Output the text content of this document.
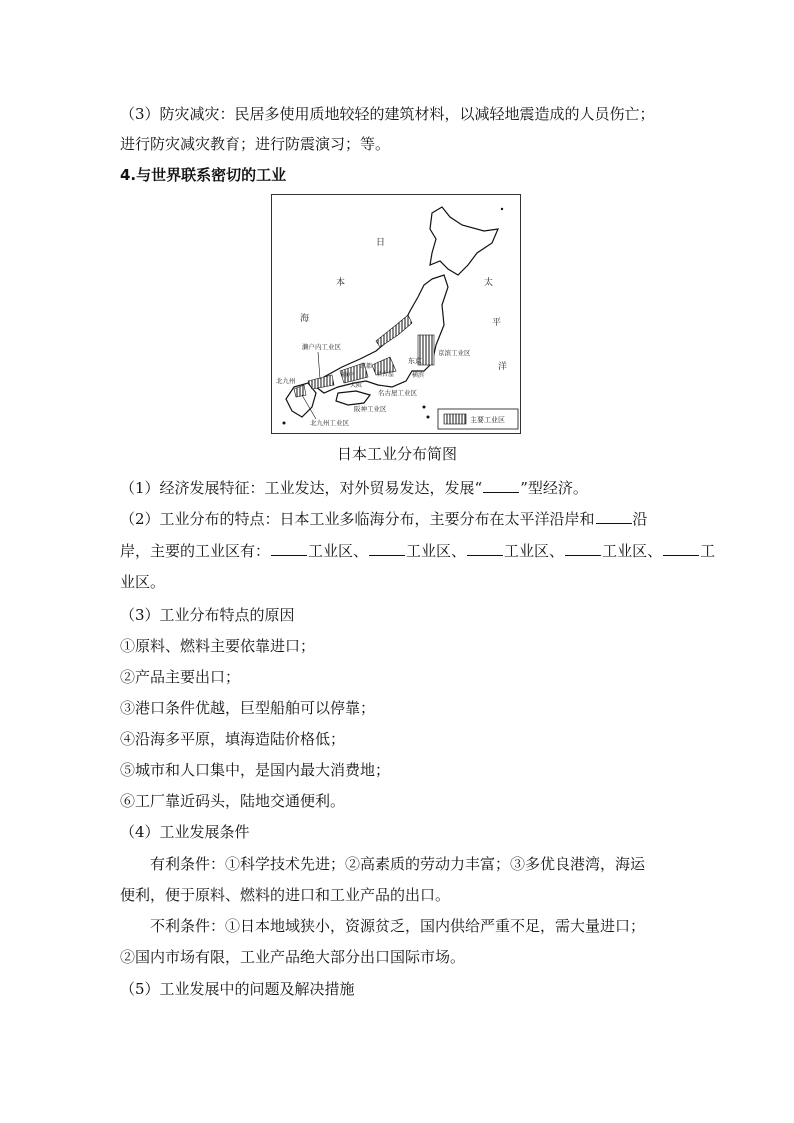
（3）防灾减灾：民居多使用质地较轻的建筑材料，以减轻地震造成的人员伤亡；
进行防灾减灾教育；进行防震演习；等。
4.与世界联系密切的工业
日
本
海
太
平
洋
濑户内工业区
京滨工业区
东京
京都
名古屋	横滨
神户
大阪
名古屋工业区
阪神工业区
北九州
北九州工业区	主要工业区
日本工业分布简图
（1）经济发展特征：工业发达，对外贸易发达，发展“	”型经济。
（2）工业分布的特点：日本工业多临海分布，主要分布在太平洋沿岸和	沿
岸，主要的工业区有：	工业区、	工业区、	工业区、	工业区、	工
业区。
（3）工业分布特点的原因
①原料、燃料主要依靠进口；
②产品主要出口；
③港口条件优越，巨型船舶可以停靠；
④沿海多平原，填海造陆价格低；
⑤城市和人口集中，是国内最大消费地；
⑥工厂靠近码头，陆地交通便利。
（4）工业发展条件
有利条件：①科学技术先进；②高素质的劳动力丰富；③多优良港湾，海运
便利，便于原料、燃料的进口和工业产品的出口。
不利条件：①日本地域狭小，资源贫乏，国内供给严重不足，需大量进口；
②国内市场有限，工业产品绝大部分出口国际市场。
（5）工业发展中的问题及解决措施
